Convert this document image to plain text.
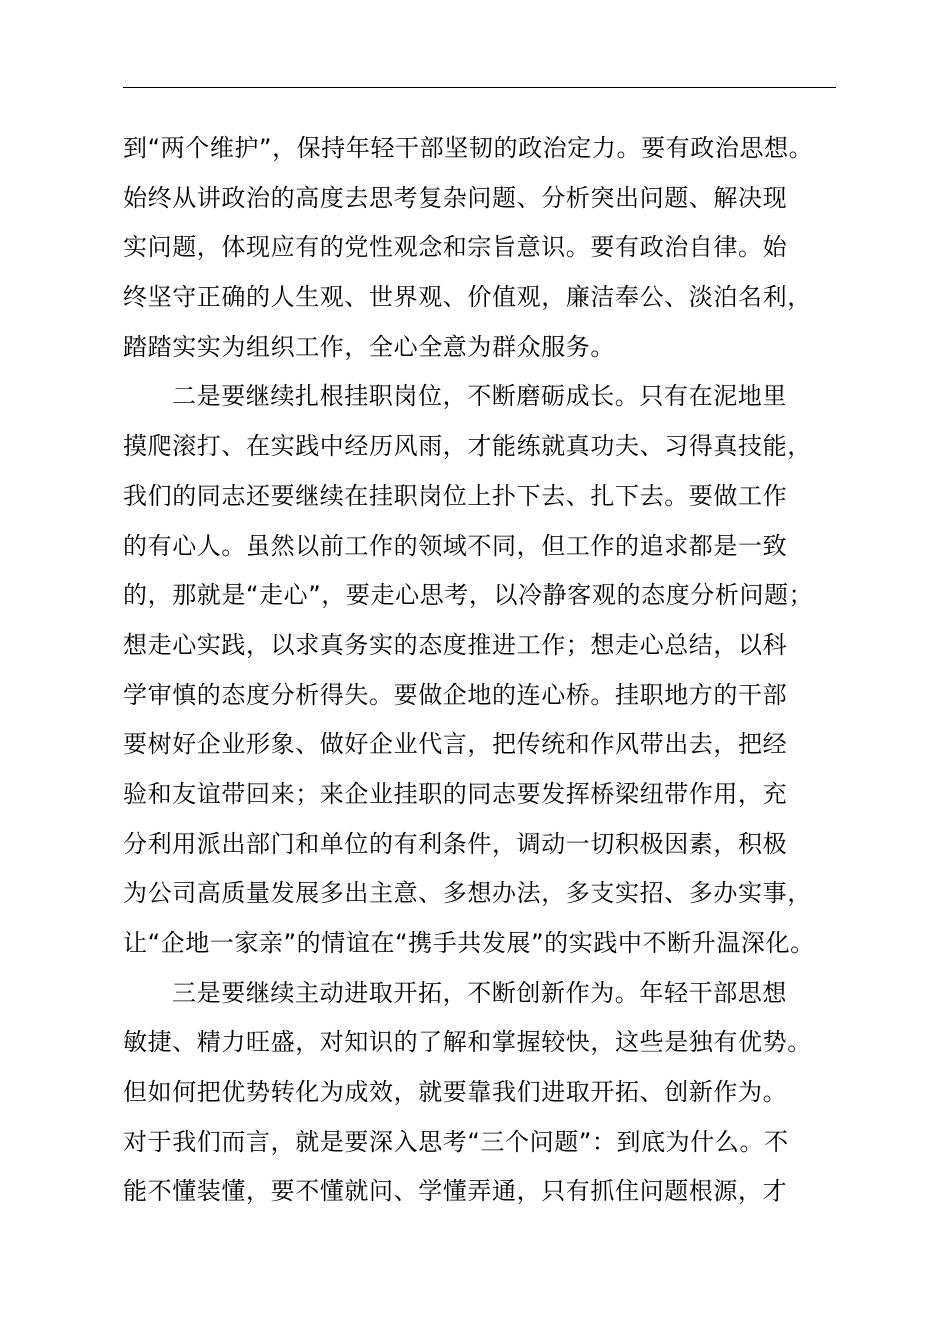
到“两个维护”，保持年轻干部坚韧的政治定力。要有政治思想。
始终从讲政治的高度去思考复杂问题、分析突出问题、解决现
实问题，体现应有的党性观念和宗旨意识。要有政治自律。始
终坚守正确的人生观、世界观、价值观，廉洁奉公、淡泊名利，
踏踏实实为组织工作，全心全意为群众服务。
二是要继续扎根挂职岗位，不断磨砺成长。只有在泥地里
摸爬滚打、在实践中经历风雨，才能练就真功夫、习得真技能，
我们的同志还要继续在挂职岗位上扑下去、扎下去。要做工作
的有心人。虽然以前工作的领域不同，但工作的追求都是一致
的，那就是“走心”，要走心思考，以冷静客观的态度分析问题；
想走心实践，以求真务实的态度推进工作；想走心总结，以科
学审慎的态度分析得失。要做企地的连心桥。挂职地方的干部
要树好企业形象、做好企业代言，把传统和作风带出去，把经
验和友谊带回来；来企业挂职的同志要发挥桥梁纽带作用，充
分利用派出部门和单位的有利条件，调动一切积极因素，积极
为公司高质量发展多出主意、多想办法，多支实招、多办实事，
让“企地一家亲”的情谊在“携手共发展”的实践中不断升温深化。
三是要继续主动进取开拓，不断创新作为。年轻干部思想
敏捷、精力旺盛，对知识的了解和掌握较快，这些是独有优势。
但如何把优势转化为成效，就要靠我们进取开拓、创新作为。
对于我们而言，就是要深入思考“三个问题”：到底为什么。不
能不懂装懂，要不懂就问、学懂弄通，只有抓住问题根源，才
